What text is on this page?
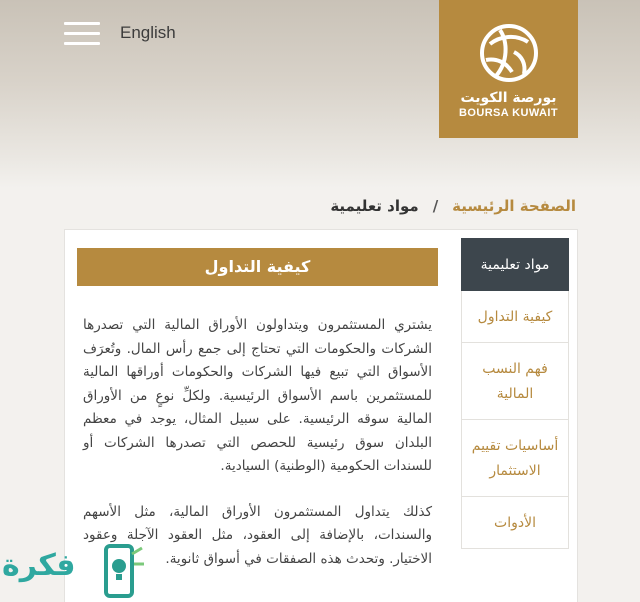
English
بورصة الكويت
BOURSA KUWAIT
الصفحة الرئيسية/مواد تعليمية
مواد تعليمية
كيفية التداول
فهم النسب المالية
أساسيات تقييم الاستثمار
الأدوات
كيفية التداول

يشتري المستثمرون ويتداولون الأوراق المالية التي تصدرها الشركات والحكومات التي تحتاج إلى جمع رأس المال. وتُعرَف الأسواق التي تبيع فيها الشركات والحكومات أوراقها المالية للمستثمرين باسم الأسواق الرئيسية. ولكلِّ نوعٍ من الأوراق المالية سوقه الرئيسية. على سبيل المثال، يوجد في معظم البلدان سوق رئيسية للحصص التي تصدرها الشركات أو للسندات الحكومية (الوطنية) السيادية.

كذلك يتداول المستثمرون الأوراق المالية، مثل الأسهم والسندات، بالإضافة إلى العقود، مثل العقود الآجلة وعقود الاختيار. وتحدث هذه الصفقات في أسواق ثانوية.

فكرة
